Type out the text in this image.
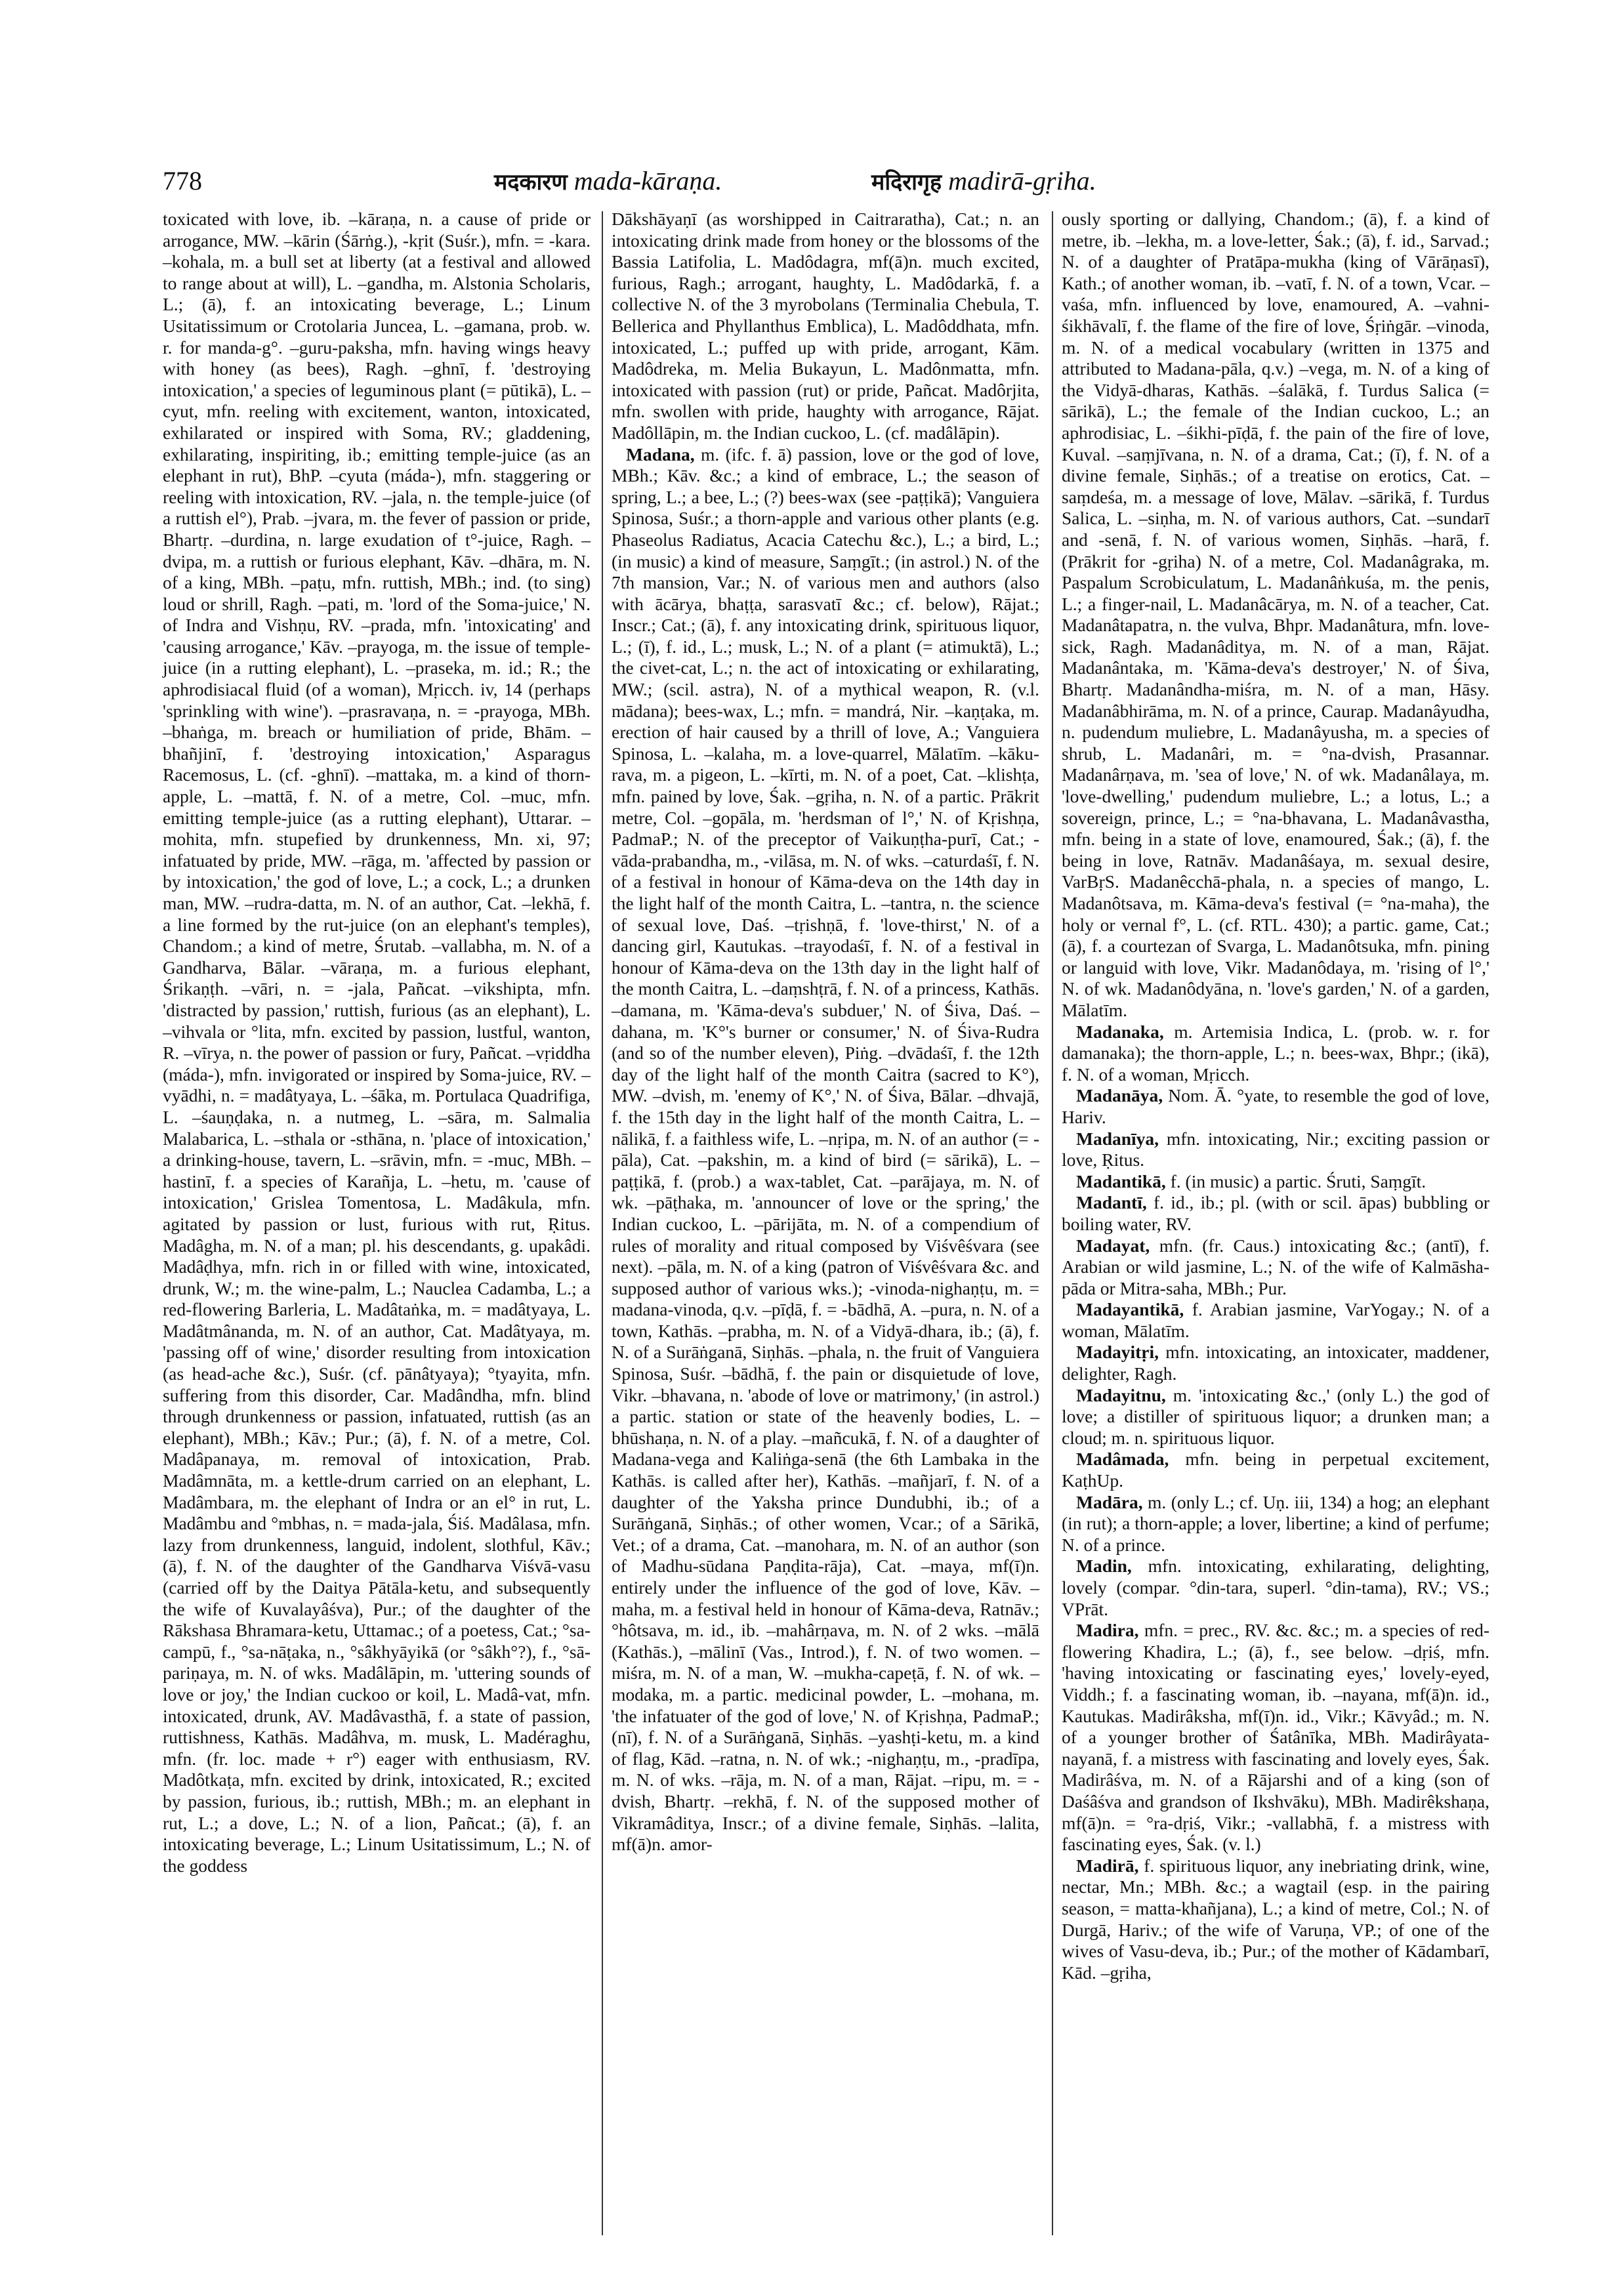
778	मदकारण mada-kāraṇa.	मदिरागृह madirā-gṛiha.

toxicated with love, ib. –kāraṇa, n. a cause of pride or arrogance, MW. –kārin (Śārṅg.), -kṛit (Suśr.), mfn. = -kara. –kohala, m. a bull set at liberty (at a festival and allowed to range about at will), L. –gandha, m. Alstonia Scholaris, L.; (ā), f. an intoxicating beverage, L.; Linum Usitatissimum or Crotolaria Juncea, L. –gamana, prob. w. r. for manda-g°. –guru-paksha, mfn. having wings heavy with honey (as bees), Ragh. –ghnī, f. 'destroying intoxication,' a species of leguminous plant (= pūtikā), L. –cyut, mfn. reeling with excitement, wanton, intoxicated, exhilarated or inspired with Soma, RV.; gladdening, exhilarating, inspiriting, ib.; emitting temple-juice (as an elephant in rut), BhP. –cyuta (máda-), mfn. staggering or reeling with intoxication, RV. –jala, n. the temple-juice (of a ruttish el°), Prab. –jvara, m. the fever of passion or pride, Bhartṛ. –durdina, n. large exudation of t°-juice, Ragh. –dvipa, m. a ruttish or furious elephant, Kāv. –dhāra, m. N. of a king, MBh. –paṭu, mfn. ruttish, MBh.; ind. (to sing) loud or shrill, Ragh. –pati, m. 'lord of the Soma-juice,' N. of Indra and Vishṇu, RV. –prada, mfn. 'intoxicating' and 'causing arrogance,' Kāv. –prayoga, m. the issue of temple-juice (in a rutting elephant), L. –praseka, m. id.; R.; the aphrodisiacal fluid (of a woman), Mṛicch. iv, 14 (perhaps 'sprinkling with wine'). –prasravaṇa, n. = -prayoga, MBh. –bhaṅga, m. breach or humiliation of pride, Bhām. –bhañjinī, f. 'destroying intoxication,' Asparagus Racemosus, L. (cf. -ghnī). –mattaka, m. a kind of thorn-apple, L. –mattā, f. N. of a metre, Col. –muc, mfn. emitting temple-juice (as a rutting elephant), Uttarar. –mohita, mfn. stupefied by drunkenness, Mn. xi, 97; infatuated by pride, MW. –rāga, m. 'affected by passion or by intoxication,' the god of love, L.; a cock, L.; a drunken man, MW. –rudra-datta, m. N. of an author, Cat. –lekhā, f. a line formed by the rut-juice (on an elephant's temples), Chandom.; a kind of metre, Śrutab. –vallabha, m. N. of a Gandharva, Bālar. –vāraṇa, m. a furious elephant, Śrikaṇṭh. –vāri, n. = -jala, Pañcat. –vikshipta, mfn. 'distracted by passion,' ruttish, furious (as an elephant), L. –vihvala or °lita, mfn. excited by passion, lustful, wanton, R. –vīrya, n. the power of passion or fury, Pañcat. –vṛiddha (máda-), mfn. invigorated or inspired by Soma-juice, RV. –vyādhi, n. = madâtyaya, L. –śāka, m. Portulaca Quadrifiga, L. –śauṇḍaka, n. a nutmeg, L. –sāra, m. Salmalia Malabarica, L. –sthala or -sthāna, n. 'place of intoxication,' a drinking-house, tavern, L. –srāvin, mfn. = -muc, MBh. –hastinī, f. a species of Karañja, L. –hetu, m. 'cause of intoxication,' Grislea Tomentosa, L. Madâkula, mfn. agitated by passion or lust, furious with rut, Ṛitus. Madâgha, m. N. of a man; pl. his descendants, g. upakâdi. Madâḍhya, mfn. rich in or filled with wine, intoxicated, drunk, W.; m. the wine-palm, L.; Nauclea Cadamba, L.; a red-flowering Barleria, L. Madâtaṅka, m. = madâtyaya, L. Madâtmânanda, m. N. of an author, Cat. Madâtyaya, m. 'passing off of wine,' disorder resulting from intoxication (as head-ache &c.), Suśr. (cf. pānâtyaya); °tyayita, mfn. suffering from this disorder, Car. Madândha, mfn. blind through drunkenness or passion, infatuated, ruttish (as an elephant), MBh.; Kāv.; Pur.; (ā), f. N. of a metre, Col. Madâpanaya, m. removal of intoxication, Prab. Madâmnāta, m. a kettle-drum carried on an elephant, L. Madâmbara, m. the elephant of Indra or an el° in rut, L. Madâmbu and °mbhas, n. = mada-jala, Śiś. Madâlasa, mfn. lazy from drunkenness, languid, indolent, slothful, Kāv.; (ā), f. N. of the daughter of the Gandharva Viśvā-vasu (carried off by the Daitya Pātāla-ketu, and subsequently the wife of Kuvalayâśva), Pur.; of the daughter of the Rākshasa Bhramara-ketu, Uttamac.; of a poetess, Cat.; °sa-campū, f., °sa-nāṭaka, n., °sâkhyāyikā (or °sâkh°?), f., °sā-pariṇaya, m. N. of wks. Madâlāpin, m. 'uttering sounds of love or joy,' the Indian cuckoo or koil, L. Madâ-vat, mfn. intoxicated, drunk, AV. Madâvasthā, f. a state of passion, ruttishness, Kathās. Madâhva, m. musk, L. Madéraghu, mfn. (fr. loc. made + r°) eager with enthusiasm, RV. Madôtkaṭa, mfn. excited by drink, intoxicated, R.; excited by passion, furious, ib.; ruttish, MBh.; m. an elephant in rut, L.; a dove, L.; N. of a lion, Pañcat.; (ā), f. an intoxicating beverage, L.; Linum Usitatissimum, L.; N. of the goddess

Dākshāyaṇī (as worshipped in Caitraratha), Cat.; n. an intoxicating drink made from honey or the blossoms of the Bassia Latifolia, L. Madôdagra, mf(ā)n. much excited, furious, Ragh.; arrogant, haughty, L. Madôdarkā, f. a collective N. of the 3 myrobolans (Terminalia Chebula, T. Bellerica and Phyllanthus Emblica), L. Madôddhata, mfn. intoxicated, L.; puffed up with pride, arrogant, Kām. Madôdreka, m. Melia Bukayun, L. Madônmatta, mfn. intoxicated with passion (rut) or pride, Pañcat. Madôrjita, mfn. swollen with pride, haughty with arrogance, Rājat. Madôllāpin, m. the Indian cuckoo, L. (cf. madâlāpin).

Madana, m. (ifc. f. ā) passion, love or the god of love, MBh.; Kāv. &c.; a kind of embrace, L.; the season of spring, L.; a bee, L.; (?) bees-wax (see -paṭṭikā); Vanguiera Spinosa, Suśr.; a thorn-apple and various other plants (e.g. Phaseolus Radiatus, Acacia Catechu &c.), L.; a bird, L.; (in music) a kind of measure, Saṃgīt.; (in astrol.) N. of the 7th mansion, Var.; N. of various men and authors (also with ācārya, bhaṭṭa, sarasvatī &c.; cf. below), Rājat.; Inscr.; Cat.; (ā), f. any intoxicating drink, spirituous liquor, L.; (ī), f. id., L.; musk, L.; N. of a plant (= atimuktā), L.; the civet-cat, L.; n. the act of intoxicating or exhilarating, MW.; (scil. astra), N. of a mythical weapon, R. (v.l. mādana); bees-wax, L.; mfn. = mandrá, Nir. –kaṇṭaka, m. erection of hair caused by a thrill of love, A.; Vanguiera Spinosa, L. –kalaha, m. a love-quarrel, Mālatīm. –kāku-rava, m. a pigeon, L. –kīrti, m. N. of a poet, Cat. –klishṭa, mfn. pained by love, Śak. –gṛiha, n. N. of a partic. Prākrit metre, Col. –gopāla, m. 'herdsman of l°,' N. of Kṛishṇa, PadmaP.; N. of the preceptor of Vaikuṇṭha-purī, Cat.; -vāda-prabandha, m., -vilāsa, m. N. of wks. –caturdaśī, f. N. of a festival in honour of Kāma-deva on the 14th day in the light half of the month Caitra, L. –tantra, n. the science of sexual love, Daś. –tṛishṇā, f. 'love-thirst,' N. of a dancing girl, Kautukas. –trayodaśī, f. N. of a festival in honour of Kāma-deva on the 13th day in the light half of the month Caitra, L. –daṃshṭrā, f. N. of a princess, Kathās. –damana, m. 'Kāma-deva's subduer,' N. of Śiva, Daś. –dahana, m. 'K°'s burner or consumer,' N. of Śiva-Rudra (and so of the number eleven), Piṅg. –dvādaśī, f. the 12th day of the light half of the month Caitra (sacred to K°), MW. –dvish, m. 'enemy of K°,' N. of Śiva, Bālar. –dhvajā, f. the 15th day in the light half of the month Caitra, L. –nālikā, f. a faithless wife, L. –nṛipa, m. N. of an author (= -pāla), Cat. –pakshin, m. a kind of bird (= sārikā), L. –paṭṭikā, f. (prob.) a wax-tablet, Cat. –parājaya, m. N. of wk. –pāṭhaka, m. 'announcer of love or the spring,' the Indian cuckoo, L. –pārijāta, m. N. of a compendium of rules of morality and ritual composed by Viśvêśvara (see next). –pāla, m. N. of a king (patron of Viśvêśvara &c. and supposed author of various wks.); -vinoda-nighaṇṭu, m. = madana-vinoda, q.v. –pīḍā, f. = -bādhā, A. –pura, n. N. of a town, Kathās. –prabha, m. N. of a Vidyā-dhara, ib.; (ā), f. N. of a Surāṅganā, Siṇhās. –phala, n. the fruit of Vanguiera Spinosa, Suśr. –bādhā, f. the pain or disquietude of love, Vikr. –bhavana, n. 'abode of love or matrimony,' (in astrol.) a partic. station or state of the heavenly bodies, L. –bhūshaṇa, n. N. of a play. –mañcukā, f. N. of a daughter of Madana-vega and Kaliṅga-senā (the 6th Lambaka in the Kathās. is called after her), Kathās. –mañjarī, f. N. of a daughter of the Yaksha prince Dundubhi, ib.; of a Surāṅganā, Siṇhās.; of other women, Vcar.; of a Sārikā, Vet.; of a drama, Cat. –manohara, m. N. of an author (son of Madhu-sūdana Paṇḍita-rāja), Cat. –maya, mf(ī)n. entirely under the influence of the god of love, Kāv. –maha, m. a festival held in honour of Kāma-deva, Ratnāv.; °hôtsava, m. id., ib. –mahârṇava, m. N. of 2 wks. –mālā (Kathās.), –mālinī (Vas., Introd.), f. N. of two women. –miśra, m. N. of a man, W. –mukha-capeṭā, f. N. of wk. –modaka, m. a partic. medicinal powder, L. –mohana, m. 'the infatuater of the god of love,' N. of Kṛishṇa, PadmaP.; (nī), f. N. of a Surāṅganā, Siṇhās. –yashṭi-ketu, m. a kind of flag, Kād. –ratna, n. N. of wk.; -nighaṇṭu, m., -pradīpa, m. N. of wks. –rāja, m. N. of a man, Rājat. –ripu, m. = -dvish, Bhartṛ. –rekhā, f. N. of the supposed mother of Vikramâditya, Inscr.; of a divine female, Siṇhās. –lalita, mf(ā)n. amor-

ously sporting or dallying, Chandom.; (ā), f. a kind of metre, ib. –lekha, m. a love-letter, Śak.; (ā), f. id., Sarvad.; N. of a daughter of Pratāpa-mukha (king of Vārāṇasī), Kath.; of another woman, ib. –vatī, f. N. of a town, Vcar. –vaśa, mfn. influenced by love, enamoured, A. –vahni-śikhāvalī, f. the flame of the fire of love, Śṛiṅgār. –vinoda, m. N. of a medical vocabulary (written in 1375 and attributed to Madana-pāla, q.v.) –vega, m. N. of a king of the Vidyā-dharas, Kathās. –śalākā, f. Turdus Salica (= sārikā), L.; the female of the Indian cuckoo, L.; an aphrodisiac, L. –śikhi-pīḍā, f. the pain of the fire of love, Kuval. –saṃjīvana, n. N. of a drama, Cat.; (ī), f. N. of a divine female, Siṇhās.; of a treatise on erotics, Cat. –saṃdeśa, m. a message of love, Mālav. –sārikā, f. Turdus Salica, L. –siṇha, m. N. of various authors, Cat. –sundarī and -senā, f. N. of various women, Siṇhās. –harā, f. (Prākrit for -gṛiha) N. of a metre, Col. Madanâgraka, m. Paspalum Scrobiculatum, L. Madanâṅkuśa, m. the penis, L.; a finger-nail, L. Madanâcārya, m. N. of a teacher, Cat. Madanâtapatra, n. the vulva, Bhpr. Madanâtura, mfn. love-sick, Ragh. Madanâditya, m. N. of a man, Rājat. Madanântaka, m. 'Kāma-deva's destroyer,' N. of Śiva, Bhartṛ. Madanândha-miśra, m. N. of a man, Hāsy. Madanâbhirāma, m. N. of a prince, Caurap. Madanâyudha, n. pudendum muliebre, L. Madanâyusha, m. a species of shrub, L. Madanâri, m. = °na-dvish, Prasannar. Madanârṇava, m. 'sea of love,' N. of wk. Madanâlaya, m. 'love-dwelling,' pudendum muliebre, L.; a lotus, L.; a sovereign, prince, L.; = °na-bhavana, L. Madanâvastha, mfn. being in a state of love, enamoured, Śak.; (ā), f. the being in love, Ratnāv. Madanâśaya, m. sexual desire, VarBṛS. Madanêcchā-phala, n. a species of mango, L. Madanôtsava, m. Kāma-deva's festival (= °na-maha), the holy or vernal f°, L. (cf. RTL. 430); a partic. game, Cat.; (ā), f. a courtezan of Svarga, L. Madanôtsuka, mfn. pining or languid with love, Vikr. Madanôdaya, m. 'rising of l°,' N. of wk. Madanôdyāna, n. 'love's garden,' N. of a garden, Mālatīm.

Madanaka, m. Artemisia Indica, L. (prob. w. r. for damanaka); the thorn-apple, L.; n. bees-wax, Bhpr.; (ikā), f. N. of a woman, Mṛicch.

Madanāya, Nom. Ā. °yate, to resemble the god of love, Hariv.

Madanīya, mfn. intoxicating, Nir.; exciting passion or love, Ṛitus.

Madantikā, f. (in music) a partic. Śruti, Saṃgīt.

Madantī, f. id., ib.; pl. (with or scil. āpas) bubbling or boiling water, RV.

Madayat, mfn. (fr. Caus.) intoxicating &c.; (antī), f. Arabian or wild jasmine, L.; N. of the wife of Kalmāsha-pāda or Mitra-saha, MBh.; Pur.

Madayantikā, f. Arabian jasmine, VarYogay.; N. of a woman, Mālatīm.

Madayitṛi, mfn. intoxicating, an intoxicater, maddener, delighter, Ragh.

Madayitnu, m. 'intoxicating &c.,' (only L.) the god of love; a distiller of spirituous liquor; a drunken man; a cloud; m. n. spirituous liquor.

Madâmada, mfn. being in perpetual excitement, KaṭhUp.

Madāra, m. (only L.; cf. Uṇ. iii, 134) a hog; an elephant (in rut); a thorn-apple; a lover, libertine; a kind of perfume; N. of a prince.

Madin, mfn. intoxicating, exhilarating, delighting, lovely (compar. °din-tara, superl. °din-tama), RV.; VS.; VPrāt.

Madira, mfn. = prec., RV. &c. &c.; m. a species of red-flowering Khadira, L.; (ā), f., see below. –dṛiś, mfn. 'having intoxicating or fascinating eyes,' lovely-eyed, Viddh.; f. a fascinating woman, ib. –nayana, mf(ā)n. id., Kautukas. Madirâksha, mf(ī)n. id., Vikr.; Kāvyâd.; m. N. of a younger brother of Śatânīka, MBh. Madirâyata-nayanā, f. a mistress with fascinating and lovely eyes, Śak. Madirâśva, m. N. of a Rājarshi and of a king (son of Daśâśva and grandson of Ikshvāku), MBh. Madirêkshaṇa, mf(ā)n. = °ra-dṛiś, Vikr.; -vallabhā, f. a mistress with fascinating eyes, Śak. (v. l.)

Madirā, f. spirituous liquor, any inebriating drink, wine, nectar, Mn.; MBh. &c.; a wagtail (esp. in the pairing season, = matta-khañjana), L.; a kind of metre, Col.; N. of Durgā, Hariv.; of the wife of Varuṇa, VP.; of one of the wives of Vasu-deva, ib.; Pur.; of the mother of Kādambarī, Kād. –gṛiha,
